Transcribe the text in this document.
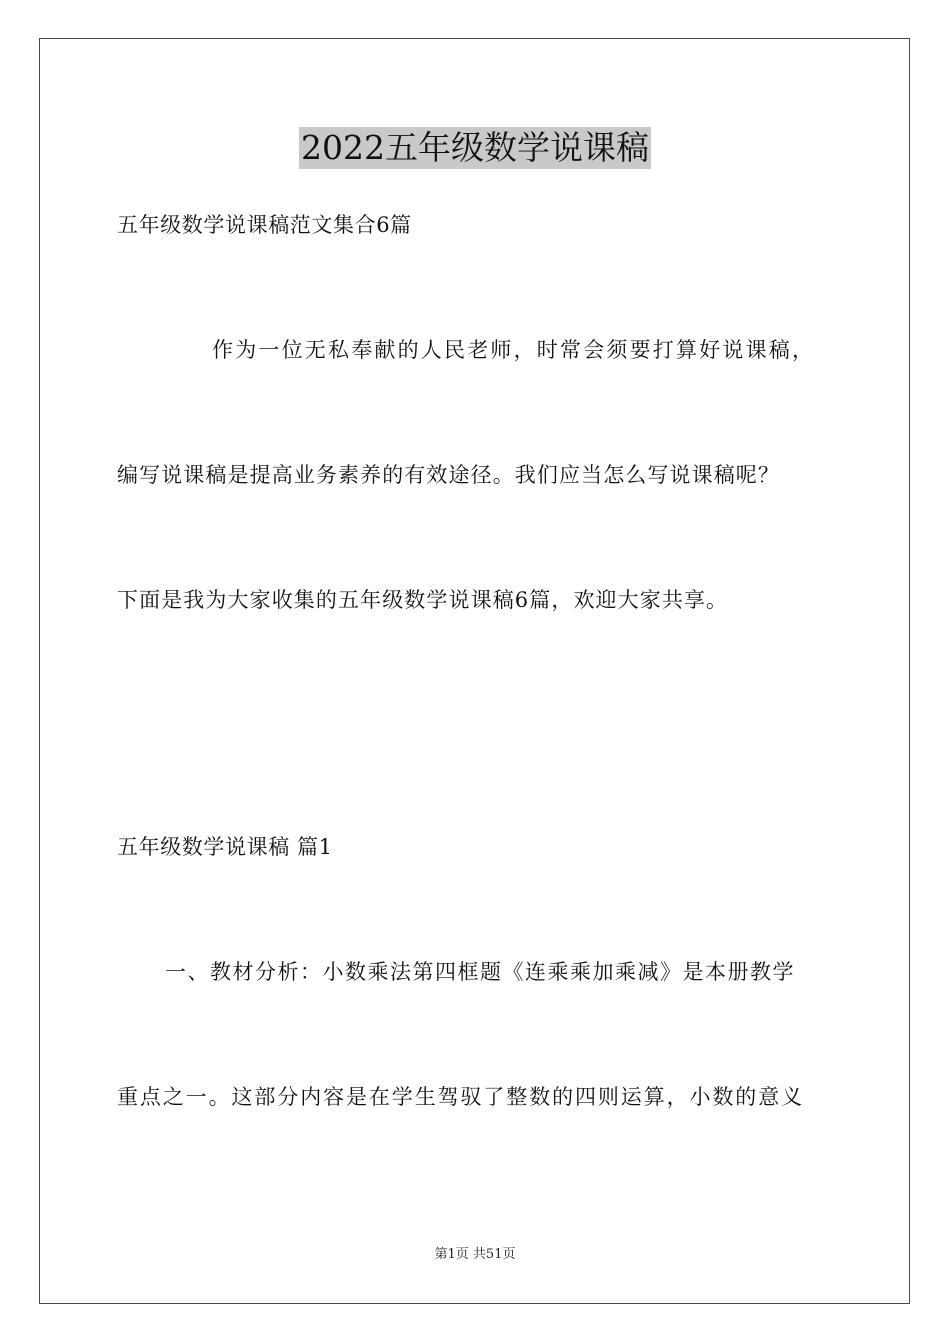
2022五年级数学说课稿
五年级数学说课稿范文集合6篇
作为一位无私奉献的人民老师，时常会须要打算好说课稿，
编写说课稿是提高业务素养的有效途径。我们应当怎么写说课稿呢？
下面是我为大家收集的五年级数学说课稿6篇，欢迎大家共享。
五年级数学说课稿 篇1
一、教材分析：小数乘法第四框题《连乘乘加乘减》是本册教学
重点之一。这部分内容是在学生驾驭了整数的四则运算，小数的意义
第1页 共51页
